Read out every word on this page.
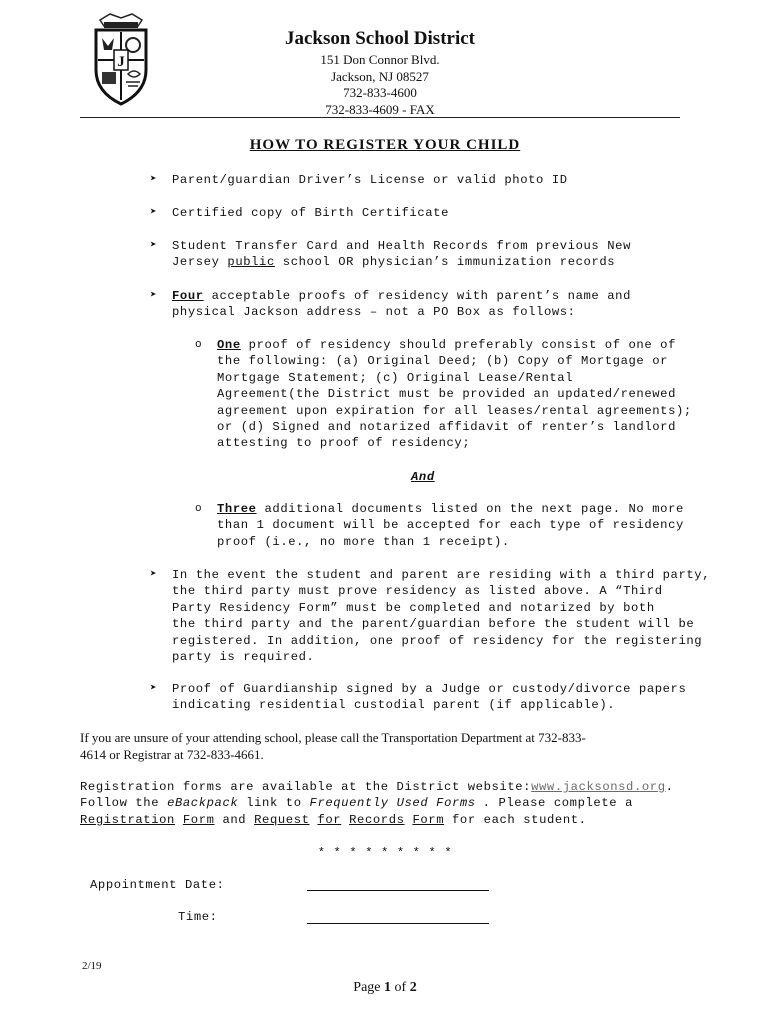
J
Jackson School District
151 Don Connor Blvd.
Jackson, NJ 08527
732-833-4600
732-833-4609 - FAX
HOW TO REGISTER YOUR CHILD
➤ Parent/guardian Driver’s License or valid photo ID
➤ Certified copy of Birth Certificate
➤ Student Transfer Card and Health Records from previous New
Jersey public school OR physician’s immunization records
➤ Four acceptable proofs of residency with parent’s name and
physical Jackson address – not a PO Box as follows:
o One proof of residency should preferably consist of one of
the following: (a) Original Deed; (b) Copy of Mortgage or
Mortgage Statement; (c) Original Lease/Rental
Agreement(the District must be provided an updated/renewed
agreement upon expiration for all leases/rental agreements);
or (d) Signed and notarized affidavit of renter’s landlord
attesting to proof of residency;
And
o Three additional documents listed on the next page. No more
than 1 document will be accepted for each type of residency
proof (i.e., no more than 1 receipt).
➤ In the event the student and parent are residing with a third party,
the third party must prove residency as listed above. A “Third
Party Residency Form” must be completed and notarized by both
the third party and the parent/guardian before the student will be
registered. In addition, one proof of residency for the registering
party is required.
➤ Proof of Guardianship signed by a Judge or custody/divorce papers
indicating residential custodial parent (if applicable).
If you are unsure of your attending school, please call the Transportation Department at 732-833-
4614 or Registrar at 732-833-4661.
Registration forms are available at the District website: www.jacksonsd.org.
Follow the eBackpack link to Frequently Used Forms . Please complete a
Registration Form and Request for Records Form for each student.
* * * * * * * * *
Appointment Date:
Time:
2/19
Page 1 of 2
